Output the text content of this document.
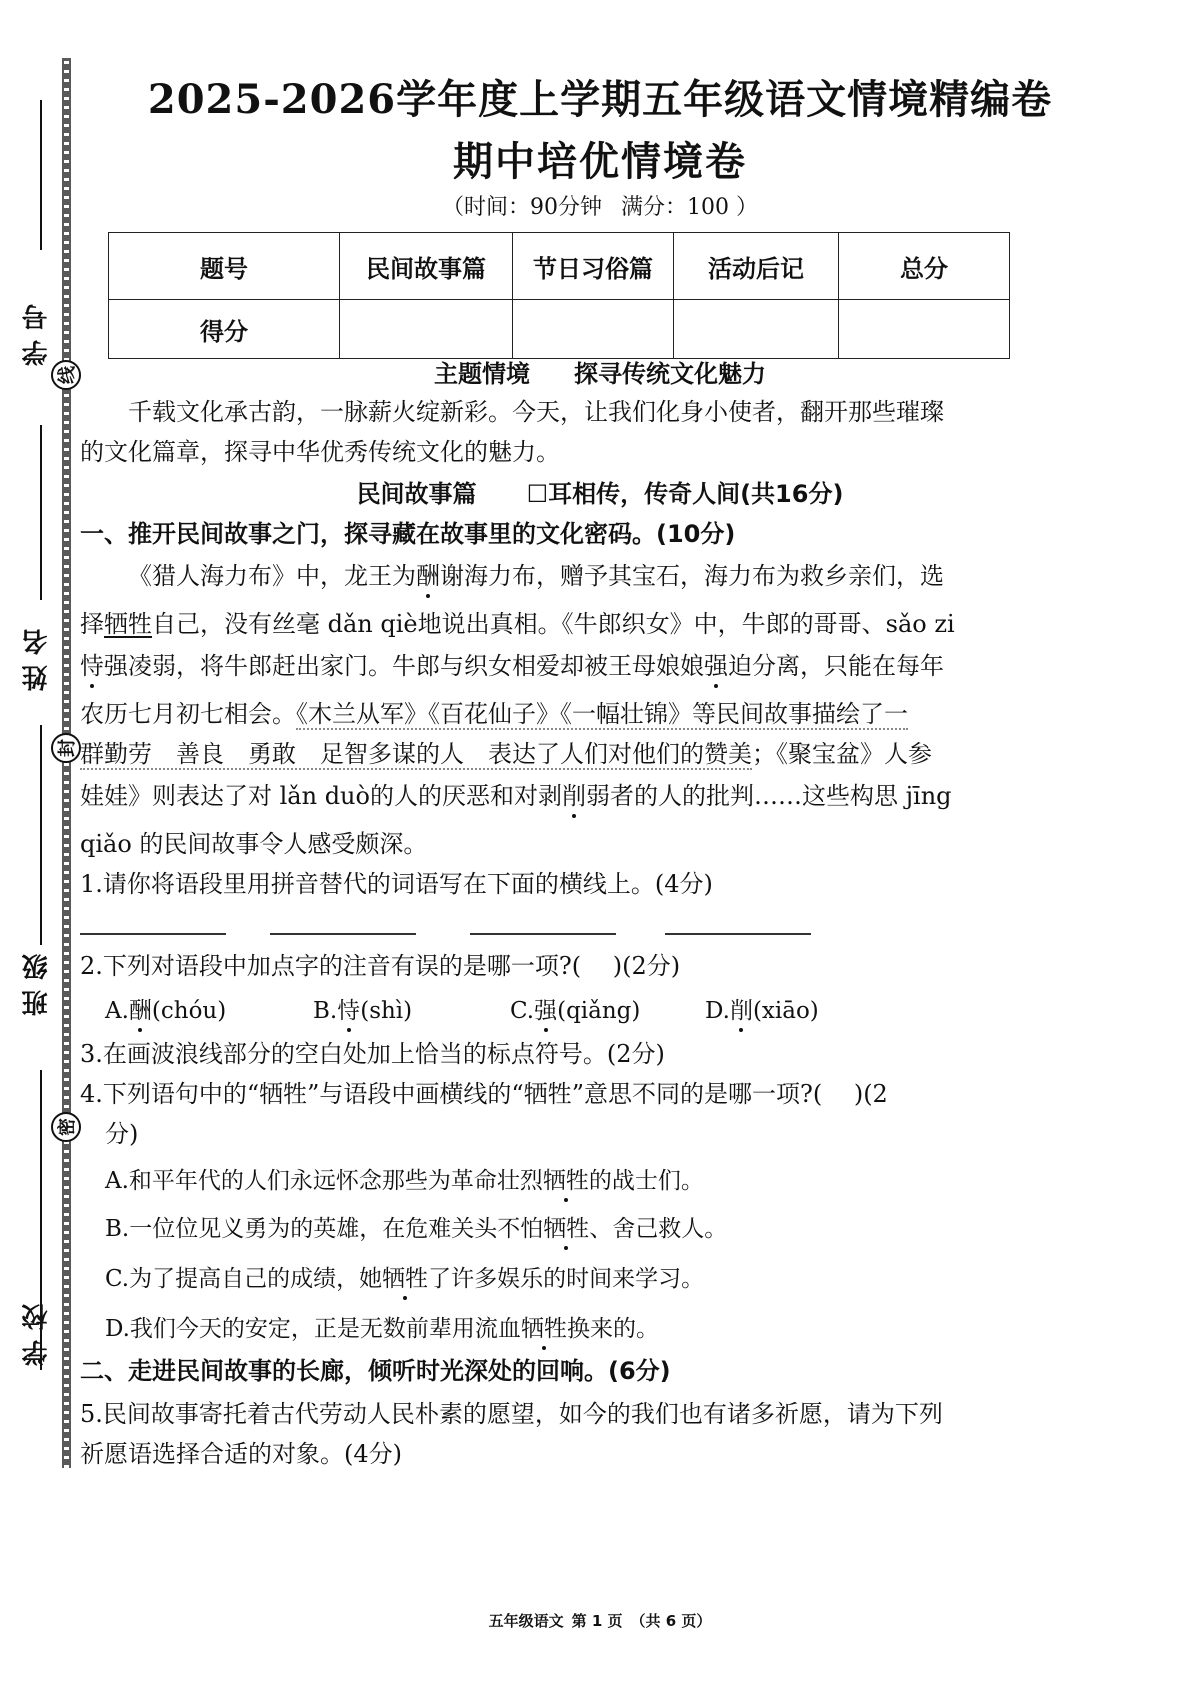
学号
姓名
班级
学校
线
封
密
2025-2026学年度上学期五年级语文情境精编卷
期中培优情境卷
（时间：90分钟 满分：100 ）
题号	民间故事篇	节日习俗篇	活动后记	总分
得分				
主题情境 探寻传统文化魅力
千载文化承古韵，一脉薪火绽新彩。今天，让我们化身小使者，翻开那些璀璨
的文化篇章，探寻中华优秀传统文化的魅力。
民间故事篇 ☐耳相传，传奇人间(共16分)
一、推开民间故事之门，探寻藏在故事里的文化密码。(10分)
《猎人海力布》中，龙王为酬谢海力布，赠予其宝石，海力布为救乡亲们，选
择牺牲自己，没有丝毫 dǎn qiè地说出真相。《牛郎织女》中，牛郎的哥哥、sǎo zi
恃强凌弱，将牛郎赶出家门。牛郎与织女相爱却被王母娘娘强迫分离，只能在每年
农历七月初七相会。《木兰从军》《百花仙子》《一幅壮锦》等民间故事描绘了一
群勤劳　善良　勇敢　足智多谋的人　表达了人们对他们的赞美；《聚宝盆》人参
娃娃》则表达了对 lǎn duò的人的厌恶和对剥削弱者的人的批判……这些构思 jīng
qiǎo 的民间故事令人感受颇深。
1.请你将语段里用拼音替代的词语写在下面的横线上。(4分)
2.下列对语段中加点字的注音有误的是哪一项?(　 )(2分)
A.酬(chóu)	B.恃(shì)	C.强(qiǎng)	D.削(xiāo)
3.在画波浪线部分的空白处加上恰当的标点符号。(2分)
4.下列语句中的“牺牲”与语段中画横线的“牺牲”意思不同的是哪一项?(　 )(2
分)
A.和平年代的人们永远怀念那些为革命壮烈牺牲的战士们。
B.一位位见义勇为的英雄，在危难关头不怕牺牲、舍己救人。
C.为了提高自己的成绩，她牺牲了许多娱乐的时间来学习。
D.我们今天的安定，正是无数前辈用流血牺牲换来的。
二、走进民间故事的长廊，倾听时光深处的回响。(6分)
5.民间故事寄托着古代劳动人民朴素的愿望，如今的我们也有诸多祈愿，请为下列
祈愿语选择合适的对象。(4分)
五年级语文 第 1 页 （共 6 页）
